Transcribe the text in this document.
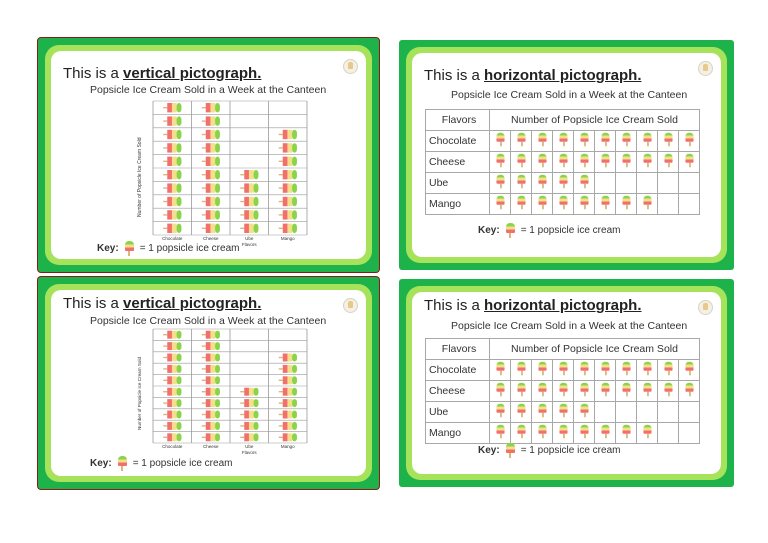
This is a vertical pictograph.
Popsicle Ice Cream Sold in a Week at the Canteen
Chocolate	Cheese	Ube	Mango
Flavors
Number of Popsicle Ice Cream Sold
Key: = 1 popsicle ice cream
This is a horizontal pictograph.
Popsicle Ice Cream Sold in a Week at the Canteen
Flavors	Number of Popsicle Ice Cream Sold									
Chocolate	

Cheese	

Ube	

Mango	

Key: = 1 popsicle ice cream
This is a vertical pictograph.
Popsicle Ice Cream Sold in a Week at the Canteen
Chocolate	Cheese	Ube	Mango
Flavors
Number of Popsicle Ice Cream Sold
Key: = 1 popsicle ice cream
This is a horizontal pictograph.
Popsicle Ice Cream Sold in a Week at the Canteen
Flavors	Number of Popsicle Ice Cream Sold									
Chocolate	

Cheese	

Ube	

Mango	

Key: = 1 popsicle ice cream
